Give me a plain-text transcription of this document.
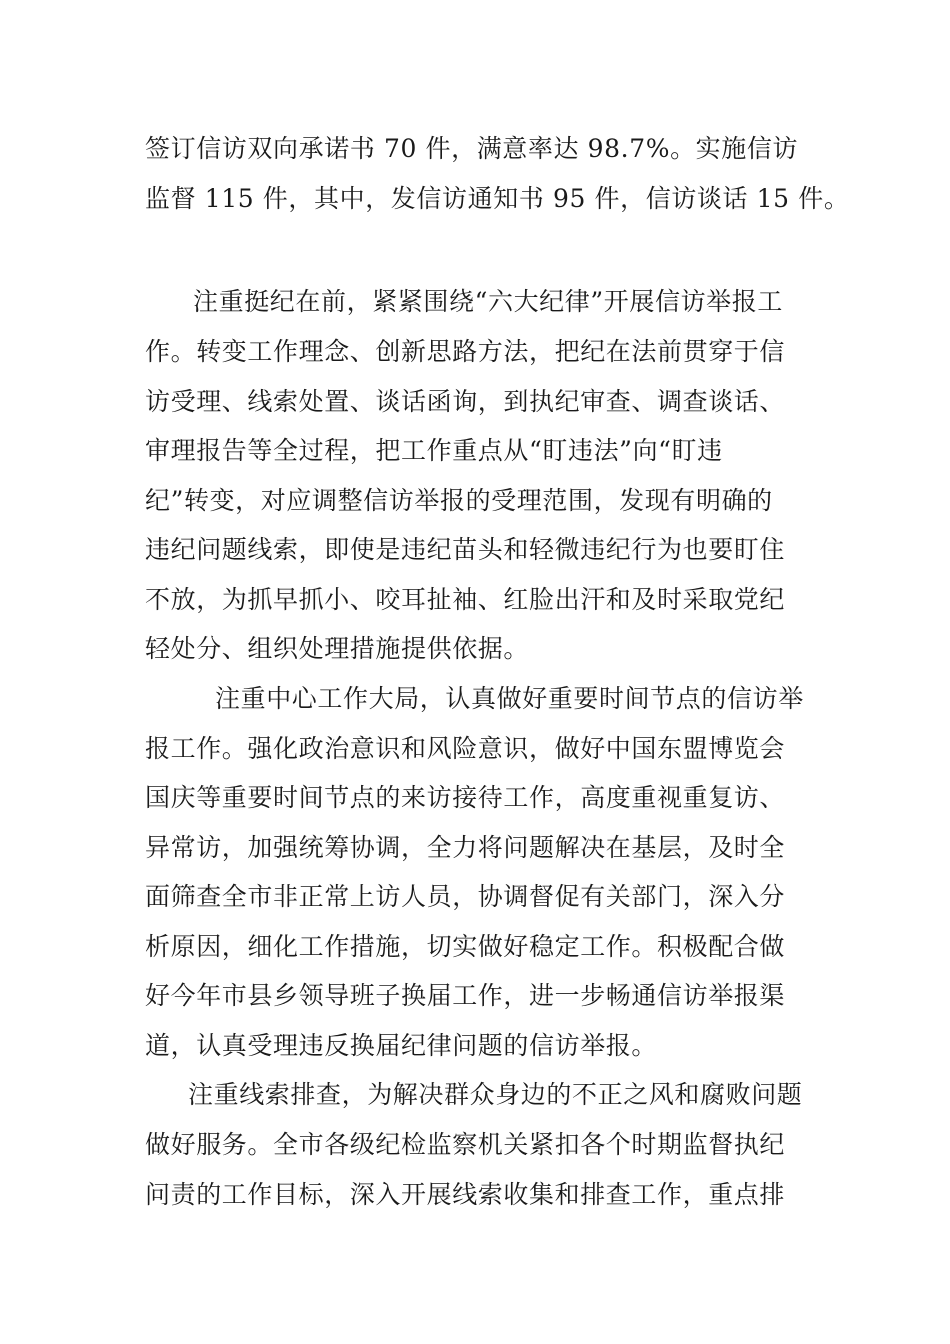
签订信访双向承诺书 70 件，满意率达 98.7%。实施信访
监督 115 件，其中，发信访通知书 95 件，信访谈话 15 件。
注重挺纪在前，紧紧围绕“六大纪律”开展信访举报工
作。转变工作理念、创新思路方法，把纪在法前贯穿于信
访受理、线索处置、谈话函询，到执纪审查、调查谈话、
审理报告等全过程，把工作重点从“盯违法”向“盯违
纪”转变，对应调整信访举报的受理范围，发现有明确的
违纪问题线索，即使是违纪苗头和轻微违纪行为也要盯住
不放，为抓早抓小、咬耳扯袖、红脸出汗和及时采取党纪
轻处分、组织处理措施提供依据。
注重中心工作大局，认真做好重要时间节点的信访举
报工作。强化政治意识和风险意识，做好中国东盟博览会
国庆等重要时间节点的来访接待工作，高度重视重复访、
异常访，加强统筹协调，全力将问题解决在基层，及时全
面筛查全市非正常上访人员，协调督促有关部门，深入分
析原因，细化工作措施，切实做好稳定工作。积极配合做
好今年市县乡领导班子换届工作，进一步畅通信访举报渠
道，认真受理违反换届纪律问题的信访举报。
注重线索排查，为解决群众身边的不正之风和腐败问题
做好服务。全市各级纪检监察机关紧扣各个时期监督执纪
问责的工作目标，深入开展线索收集和排查工作，重点排
